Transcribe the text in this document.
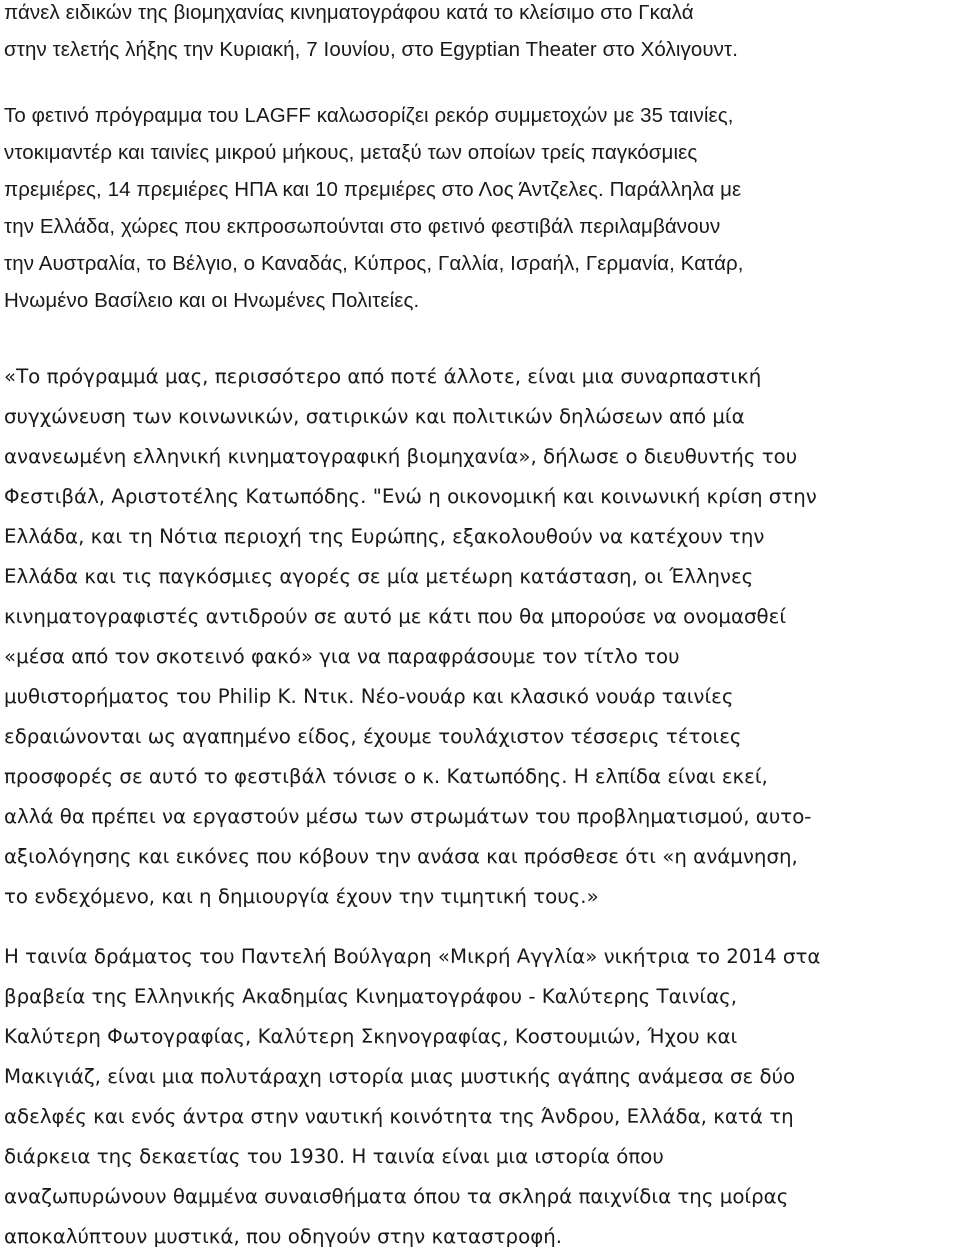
πάνελ ειδικών της βιομηχανίας κινηματογράφου κατά το κλείσιμο στο Γκαλά

στην τελετής λήξης την Κυριακή, 7 Ιουνίου, στο Egyptian Theater στο Χόλιγουντ.

Το φετινό πρόγραμμα του LAGFF καλωσορίζει ρεκόρ συμμετοχών με 35 ταινίες,

ντοκιμαντέρ και ταινίες μικρού μήκους, μεταξύ των οποίων τρείς παγκόσμιες

πρεμιέρες, 14 πρεμιέρες ΗΠΑ και 10 πρεμιέρες στο Λος Άντζελες. Παράλληλα με

την Ελλάδα, χώρες που εκπροσωπούνται στο φετινό φεστιβάλ περιλαμβάνουν

την Αυστραλία, το Βέλγιο, ο Καναδάς, Κύπρος, Γαλλία, Ισραήλ, Γερμανία, Κατάρ,

Ηνωμένο Βασίλειο και οι Ηνωμένες Πολιτείες.

«Το πρόγραμμά μας, περισσότερο από ποτέ άλλοτε, είναι μια συναρπαστική

συγχώνευση των κοινωνικών, σατιρικών και πολιτικών δηλώσεων από μία

ανανεωμένη ελληνική κινηματογραφική βιομηχανία», δήλωσε ο διευθυντής του

Φεστιβάλ, Αριστοτέλης Κατωπόδης. "Ενώ η οικονομική και κοινωνική κρίση στην

Ελλάδα, και τη Νότια περιοχή της Ευρώπης, εξακολουθούν να κατέχουν την

Ελλάδα και τις παγκόσμιες αγορές σε μία μετέωρη κατάσταση, οι Έλληνες

κινηματογραφιστές αντιδρούν σε αυτό με κάτι που θα μπορούσε να ονομασθεί

«μέσα από τον σκοτεινό φακό» για να παραφράσουμε τον τίτλο του

μυθιστορήματος του Philip K. Ντικ. Νέο-νουάρ και κλασικό νουάρ ταινίες

εδραιώνονται ως αγαπημένο είδος, έχουμε τουλάχιστον τέσσερις τέτοιες

προσφορές σε αυτό το φεστιβάλ τόνισε ο κ. Κατωπόδης. Η ελπίδα είναι εκεί,

αλλά θα πρέπει να εργαστούν μέσω των στρωμάτων του προβληματισμού, αυτο-

αξιολόγησης και εικόνες που κόβουν την ανάσα και πρόσθεσε ότι «η ανάμνηση,

το ενδεχόμενο, και η δημιουργία έχουν την τιμητική τους.»

Η ταινία δράματος του Παντελή Βούλγαρη «Μικρή Αγγλία» νικήτρια το 2014 στα

βραβεία της Ελληνικής Ακαδημίας Κινηματογράφου - Καλύτερης Ταινίας,

Καλύτερη Φωτογραφίας, Καλύτερη Σκηνογραφίας, Κοστουμιών, Ήχου και

Μακιγιάζ, είναι μια πολυτάραχη ιστορία μιας μυστικής αγάπης ανάμεσα σε δύο

αδελφές και ενός άντρα στην ναυτική κοινότητα της Άνδρου, Ελλάδα, κατά τη

διάρκεια της δεκαετίας του 1930. Η ταινία είναι μια ιστορία όπου

αναζωπυρώνουν θαμμένα συναισθήματα όπου τα σκληρά παιχνίδια της μοίρας

αποκαλύπτουν μυστικά, που οδηγούν στην καταστροφή.
